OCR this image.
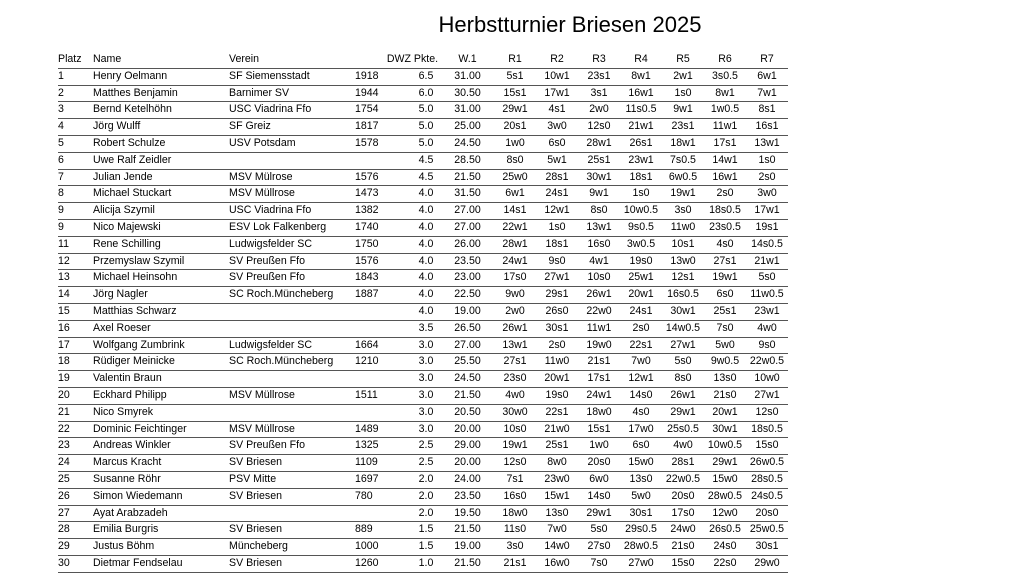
Herbstturnier Briesen 2025
Platz	Name	Verein	DWZ	Pkte.	W.1	R1	R2	R3	R4	R5	R6	R7
1	Henry Oelmann	SF Siemensstadt	1918	6.5	31.00	5s1	10w1	23s1	8w1	2w1	3s0.5	6w1
2	Matthes Benjamin	Barnimer SV	1944	6.0	30.50	15s1	17w1	3s1	16w1	1s0	8w1	7w1
3	Bernd Ketelhöhn	USC Viadrina Ffo	1754	5.0	31.00	29w1	4s1	2w0	11s0.5	9w1	1w0.5	8s1
4	Jörg Wulff	SF Greiz	1817	5.0	25.00	20s1	3w0	12s0	21w1	23s1	11w1	16s1
5	Robert Schulze	USV Potsdam	1578	5.0	24.50	1w0	6s0	28w1	26s1	18w1	17s1	13w1
6	Uwe Ralf Zeidler			4.5	28.50	8s0	5w1	25s1	23w1	7s0.5	14w1	1s0
7	Julian Jende	MSV Mülrose	1576	4.5	21.50	25w0	28s1	30w1	18s1	6w0.5	16w1	2s0
8	Michael Stuckart	MSV Müllrose	1473	4.0	31.50	6w1	24s1	9w1	1s0	19w1	2s0	3w0
9	Alicija Szymil	USC Viadrina Ffo	1382	4.0	27.00	14s1	12w1	8s0	10w0.5	3s0	18s0.5	17w1
9	Nico Majewski	ESV Lok Falkenberg	1740	4.0	27.00	22w1	1s0	13w1	9s0.5	11w0	23s0.5	19s1
11	Rene Schilling	Ludwigsfelder SC	1750	4.0	26.00	28w1	18s1	16s0	3w0.5	10s1	4s0	14s0.5
12	Przemyslaw Szymil	SV Preußen Ffo	1576	4.0	23.50	24w1	9s0	4w1	19s0	13w0	27s1	21w1
13	Michael Heinsohn	SV Preußen Ffo	1843	4.0	23.00	17s0	27w1	10s0	25w1	12s1	19w1	5s0
14	Jörg Nagler	SC Roch.Müncheberg	1887	4.0	22.50	9w0	29s1	26w1	20w1	16s0.5	6s0	11w0.5
15	Matthias Schwarz			4.0	19.00	2w0	26s0	22w0	24s1	30w1	25s1	23w1
16	Axel Roeser			3.5	26.50	26w1	30s1	11w1	2s0	14w0.5	7s0	4w0
17	Wolfgang Zumbrink	Ludwigsfelder SC	1664	3.0	27.00	13w1	2s0	19w0	22s1	27w1	5w0	9s0
18	Rüdiger Meinicke	SC Roch.Müncheberg	1210	3.0	25.50	27s1	11w0	21s1	7w0	5s0	9w0.5	22w0.5
19	Valentin Braun			3.0	24.50	23s0	20w1	17s1	12w1	8s0	13s0	10w0
20	Eckhard Philipp	MSV Müllrose	1511	3.0	21.50	4w0	19s0	24w1	14s0	26w1	21s0	27w1
21	Nico Smyrek			3.0	20.50	30w0	22s1	18w0	4s0	29w1	20w1	12s0
22	Dominic Feichtinger	MSV Müllrose	1489	3.0	20.00	10s0	21w0	15s1	17w0	25s0.5	30w1	18s0.5
23	Andreas Winkler	SV Preußen Ffo	1325	2.5	29.00	19w1	25s1	1w0	6s0	4w0	10w0.5	15s0
24	Marcus Kracht	SV Briesen	1109	2.5	20.00	12s0	8w0	20s0	15w0	28s1	29w1	26w0.5
25	Susanne Röhr	PSV Mitte	1697	2.0	24.00	7s1	23w0	6w0	13s0	22w0.5	15w0	28s0.5
26	Simon Wiedemann	SV Briesen	780	2.0	23.50	16s0	15w1	14s0	5w0	20s0	28w0.5	24s0.5
27	Ayat Arabzadeh			2.0	19.50	18w0	13s0	29w1	30s1	17s0	12w0	20s0
28	Emilia Burgris	SV Briesen	889	1.5	21.50	11s0	7w0	5s0	29s0.5	24w0	26s0.5	25w0.5
29	Justus Böhm	Müncheberg	1000	1.5	19.00	3s0	14w0	27s0	28w0.5	21s0	24s0	30s1
30	Dietmar Fendselau	SV Briesen	1260	1.0	21.50	21s1	16w0	7s0	27w0	15s0	22s0	29w0
